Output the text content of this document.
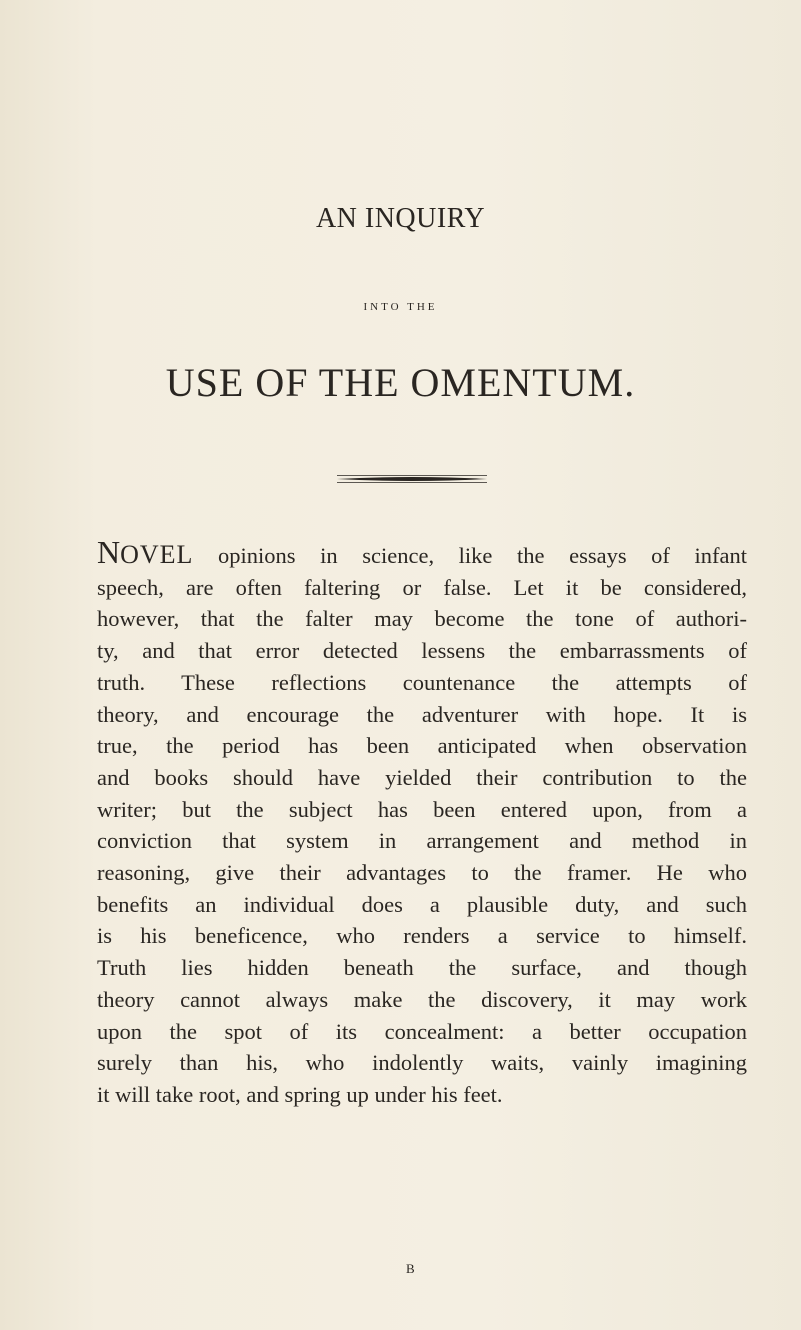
AN INQUIRY
INTO THE
USE OF THE OMENTUM.
NOVEL opinions in science, like the essays of infant
speech, are often faltering or false. Let it be considered,
however, that the falter may become the tone of authori-
ty, and that error detected lessens the embarrassments of
truth. These reflections countenance the attempts of
theory, and encourage the adventurer with hope. It is
true, the period has been anticipated when observation
and books should have yielded their contribution to the
writer; but the subject has been entered upon, from a
conviction that system in arrangement and method in
reasoning, give their advantages to the framer. He who
benefits an individual does a plausible duty, and such
is his beneficence, who renders a service to himself.
Truth lies hidden beneath the surface, and though
theory cannot always make the discovery, it may work
upon the spot of its concealment: a better occupation
surely than his, who indolently waits, vainly imagining
it will take root, and spring up under his feet.
B
